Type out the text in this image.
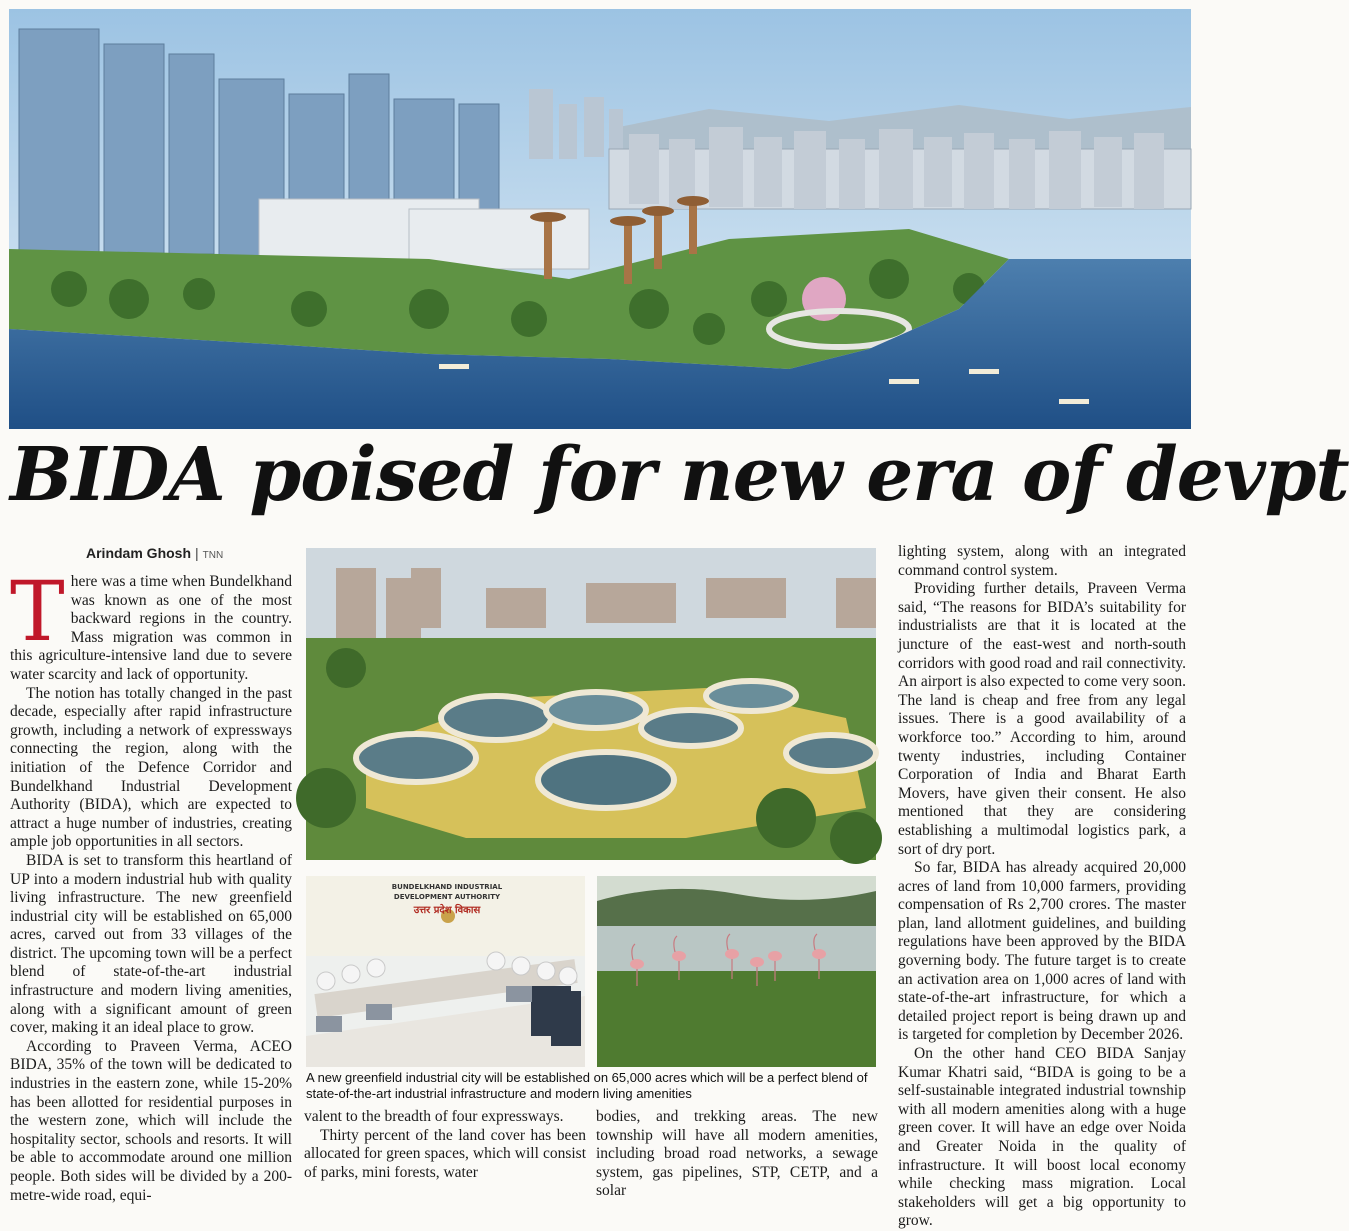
BIDA poised for new era of devpt
Arindam Ghosh | TNN

There was a time when Bundelkhand was known as one of the most backward regions in the country. Mass migration was common in this agriculture-intensive land due to severe water scarcity and lack of opportunity.

The notion has totally changed in the past decade, especially after rapid infrastructure growth, including a network of expressways connecting the region, along with the initiation of the Defence Corridor and Bundelkhand Industrial Development Authority (BIDA), which are expected to attract a huge number of industries, creating ample job opportunities in all sectors.

BIDA is set to transform this heartland of UP into a modern industrial hub with quality living infrastructure. The new greenfield industrial city will be established on 65,000 acres, carved out from 33 villages of the district. The upcoming town will be a perfect blend of state-of-the-art industrial infrastructure and modern living amenities, along with a significant amount of green cover, making it an ideal place to grow.

According to Praveen Verma, ACEO BIDA, 35% of the town will be dedicated to industries in the eastern zone, while 15-20% has been allotted for residential purposes in the western zone, which will include the hospitality sector, schools and resorts. It will be able to accommodate around one million people. Both sides will be divided by a 200-metre-wide road, equi-

BUNDELKHAND INDUSTRIAL
DEVELOPMENT AUTHORITY
उत्तर प्रदेश विकास
A new greenfield industrial city will be established on 65,000 acres which will be a perfect blend of state-of-the-art industrial infrastructure and modern living amenities

valent to the breadth of four expressways.

Thirty percent of the land cover has been allocated for green spaces, which will consist of parks, mini forests, water

bodies, and trekking areas. The new township will have all modern amenities, including broad road networks, a sewage system, gas pipelines, STP, CETP, and a solar

lighting system, along with an integrated command control system.

Providing further details, Praveen Verma said, “The reasons for BIDA’s suitability for industrialists are that it is located at the juncture of the east-west and north-south corridors with good road and rail connectivity. An airport is also expected to come very soon. The land is cheap and free from any legal issues. There is a good availability of a workforce too.” According to him, around twenty industries, including Container Corporation of India and Bharat Earth Movers, have given their consent. He also mentioned that they are considering establishing a multimodal logistics park, a sort of dry port.

So far, BIDA has already acquired 20,000 acres of land from 10,000 farmers, providing compensation of Rs 2,700 crores. The master plan, land allotment guidelines, and building regulations have been approved by the BIDA governing body. The future target is to create an activation area on 1,000 acres of land with state-of-the-art infrastructure, for which a detailed project report is being drawn up and is targeted for completion by December 2026.

On the other hand CEO BIDA Sanjay Kumar Khatri said, “BIDA is going to be a self-sustainable integrated industrial township with all modern amenities along with a huge green cover. It will have an edge over Noida and Greater Noida in the quality of infrastructure. It will boost local economy while checking mass migration. Local stakeholders will get a big opportunity to grow.
